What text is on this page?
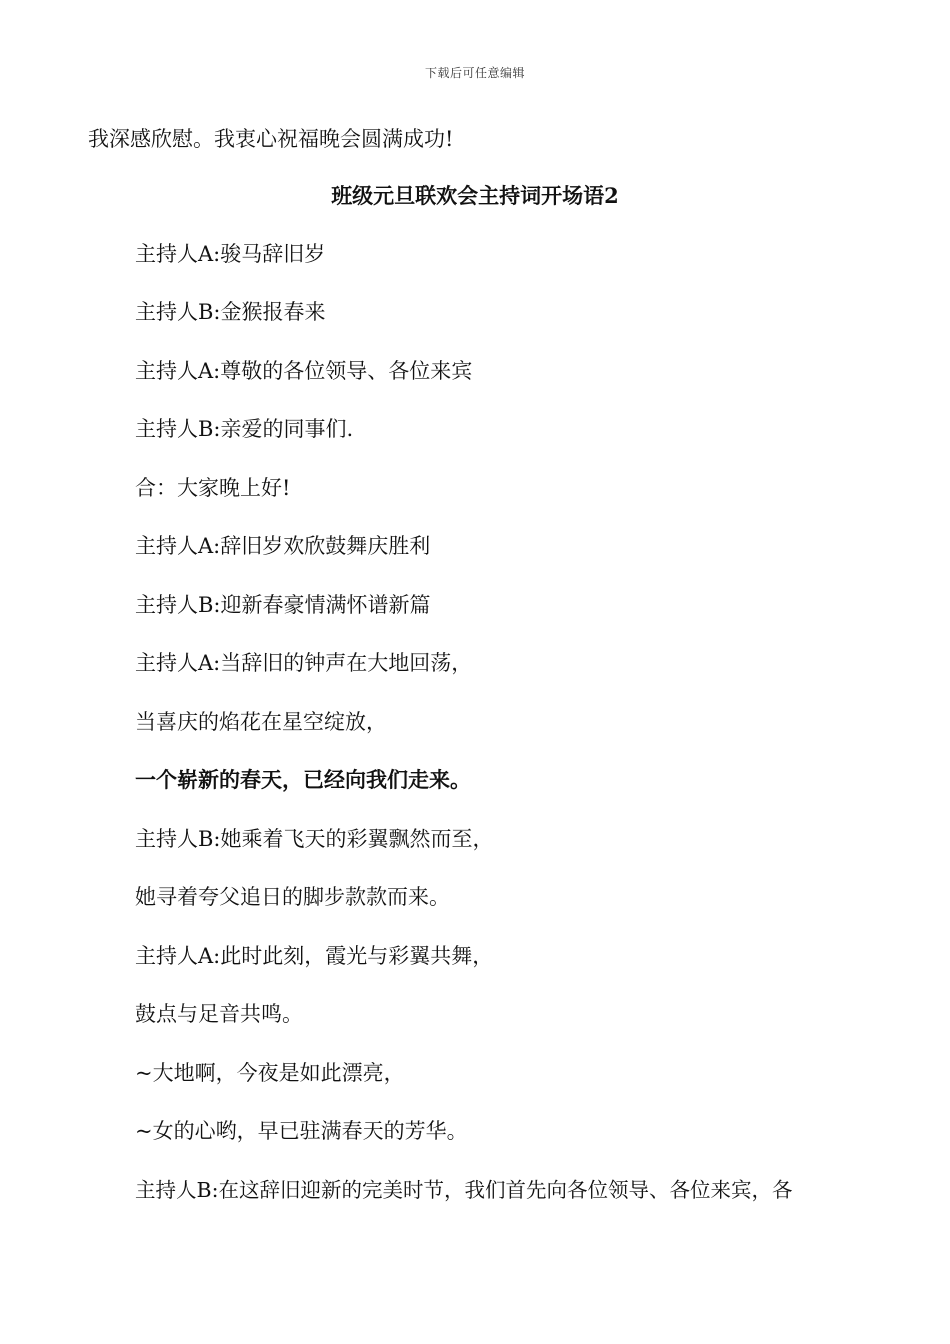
下载后可任意编辑
我深感欣慰。我衷心祝福晚会圆满成功!
班级元旦联欢会主持词开场语2
主持人A:骏马辞旧岁
主持人B:金猴报春来
主持人A:尊敬的各位领导、各位来宾
主持人B:亲爱的同事们.
合：大家晚上好!
主持人A:辞旧岁欢欣鼓舞庆胜利
主持人B:迎新春豪情满怀谱新篇
主持人A:当辞旧的钟声在大地回荡，
当喜庆的焰花在星空绽放，
一个崭新的春天，已经向我们走来。
主持人B:她乘着飞天的彩翼飘然而至，
她寻着夸父追日的脚步款款而来。
主持人A:此时此刻，霞光与彩翼共舞，
鼓点与足音共鸣。
~大地啊，今夜是如此漂亮，
~女的心哟，早已驻满春天的芳华。
主持人B:在这辞旧迎新的完美时节，我们首先向各位领导、各位来宾，各
